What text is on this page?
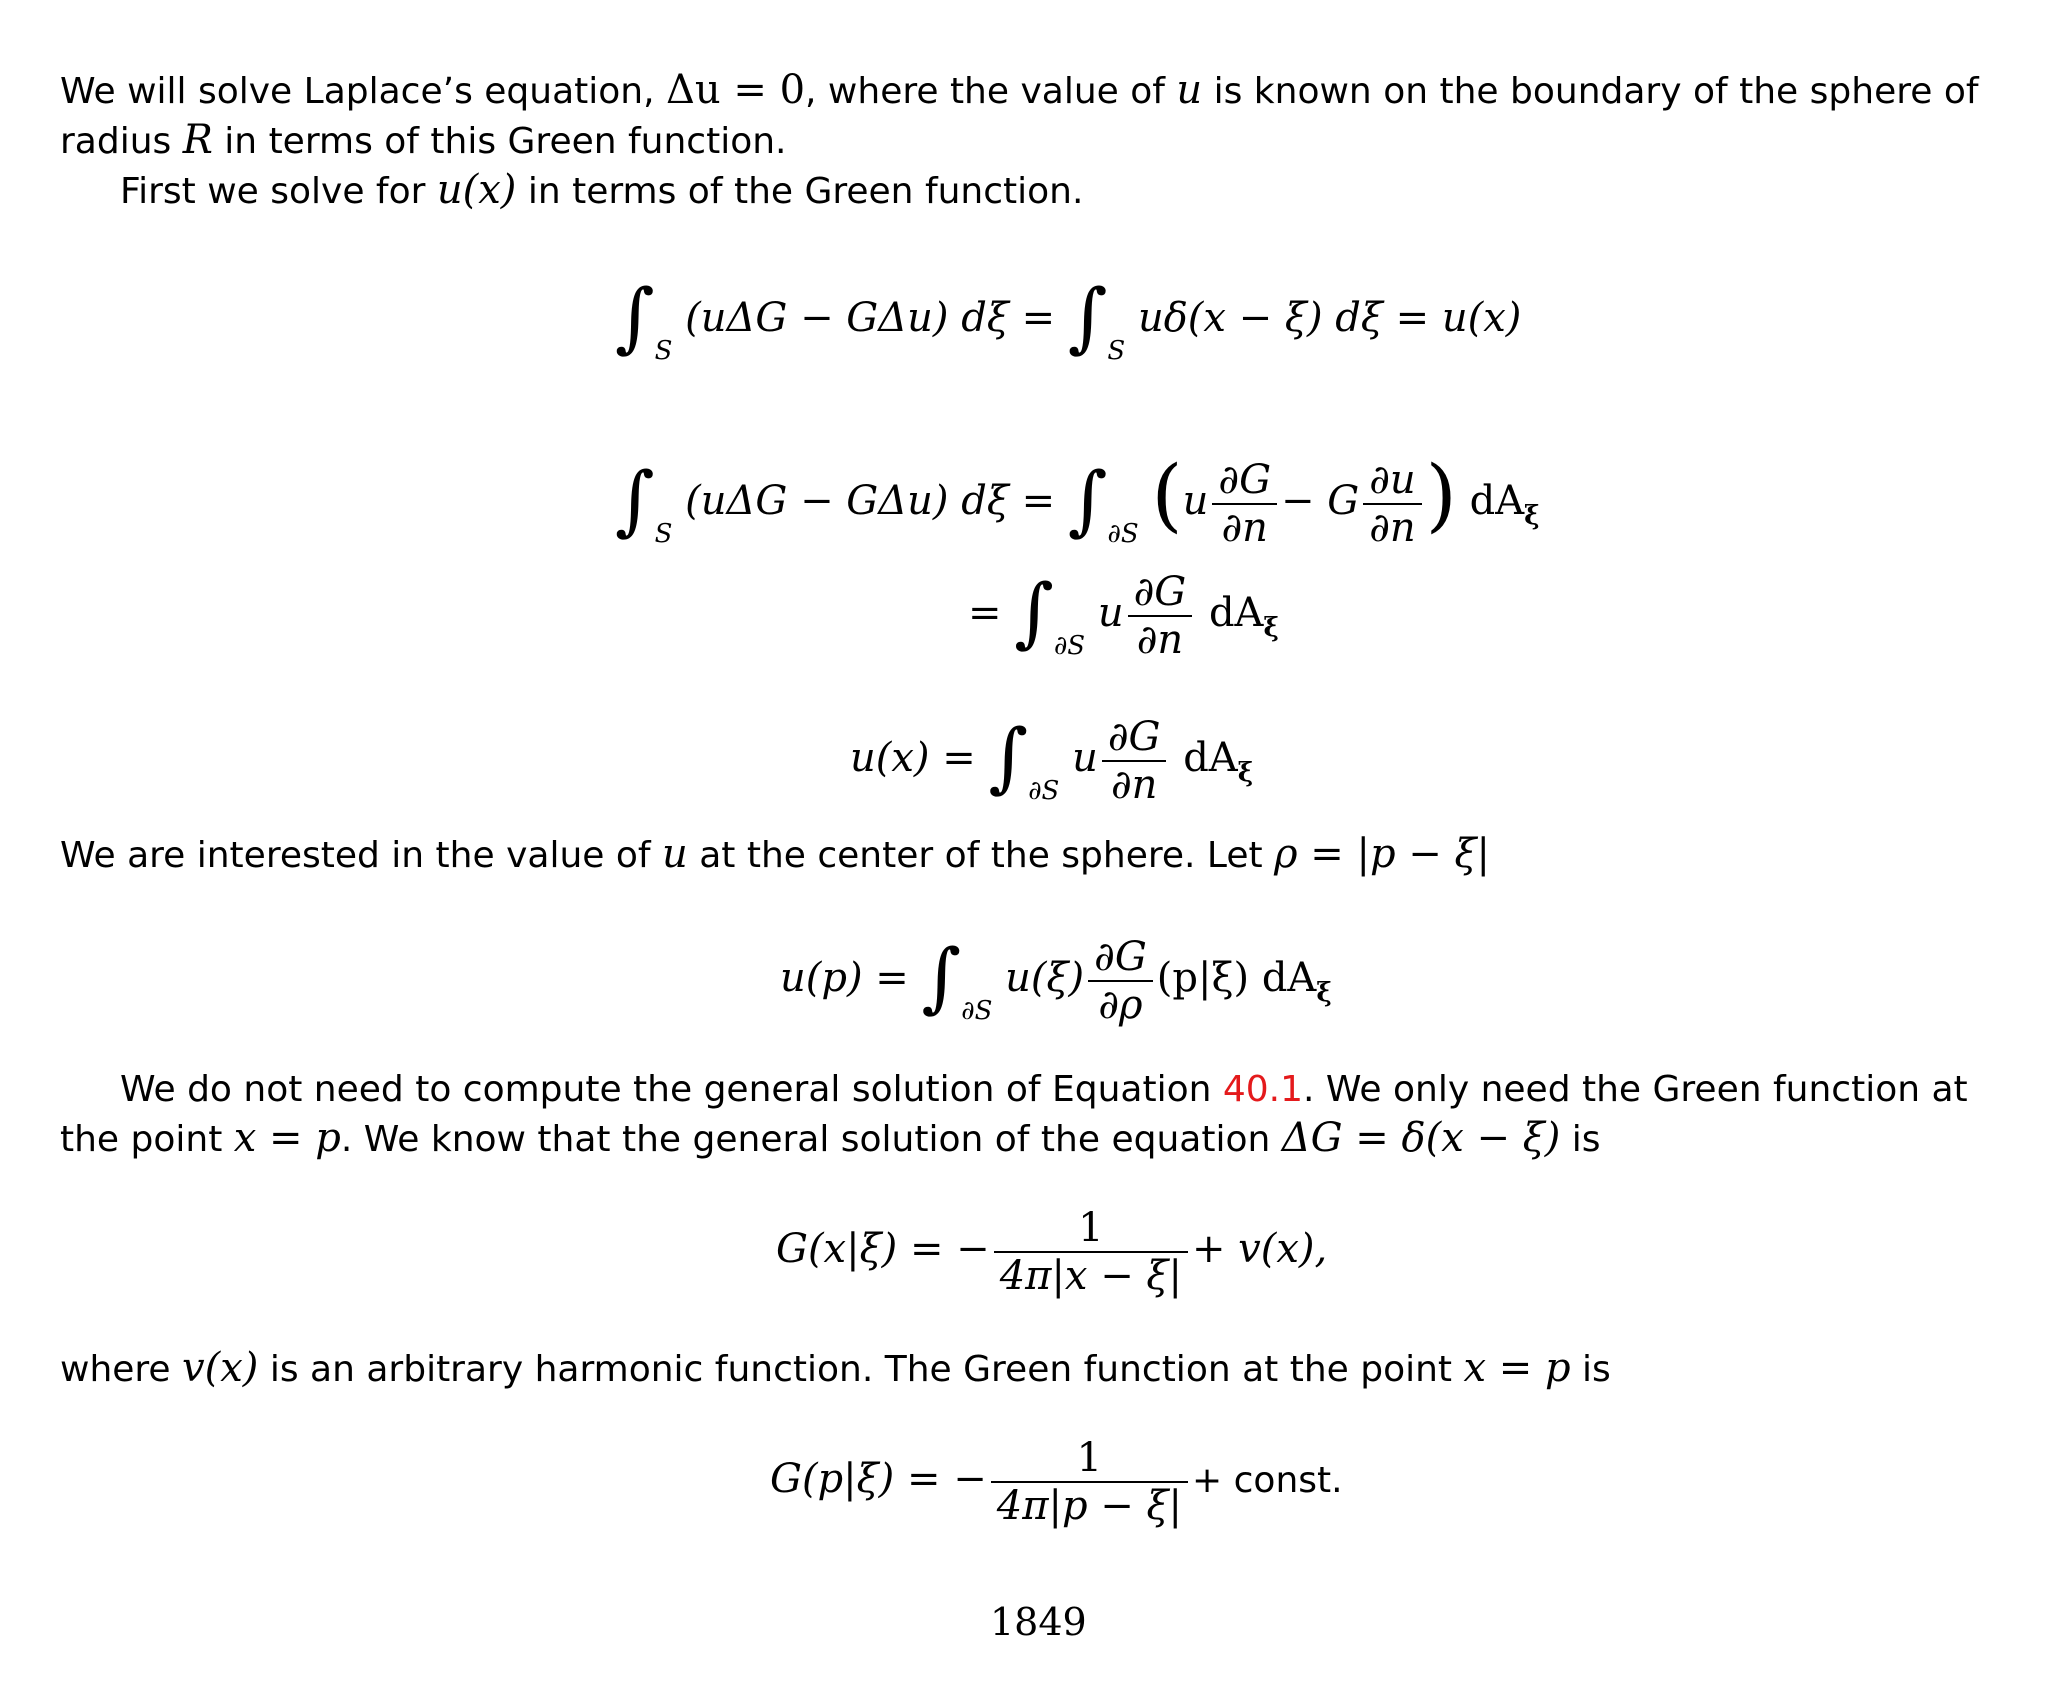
We will solve Laplace’s equation, Δu = 0, where the value of u is known on the boundary of the sphere of radius R in terms of this Green function.
First we solve for u(x) in terms of the Green function.
$\int_S$ (uΔG − GΔu) $d\xi = \int_S$ uδ(x − ξ) dξ = u(x)
$\int_S$ (uΔG − GΔu) $d\xi = \int_{\partial S}$ ($u \frac{\partial G}{\partial n} - G \frac{\partial u}{\partial n}$ ) $dA_\xi$
= $\int_{\partial S}$ u $\frac{\partial G}{\partial n} dA_\xi$
$u(x) = \int_{\partial S}$ u $\frac{\partial G}{\partial n} dA_\xi$
We are interested in the value of u at the center of the sphere. Let ρ = |p − ξ|
$u(p) = \int_{\partial S}$ $u(\xi) \frac{\partial G}{\partial\rho} (p|\xi)$ $dA_\xi$
We do not need to compute the general solution of Equation 40.1. We only need the Green function at the point x = p. We know that the general solution of the equation ΔG = δ(x − ξ) is
G(x|ξ) = − $\frac{1}{4\pi|x - \xi|} + v(x)$,
where v(x) is an arbitrary harmonic function. The Green function at the point x = p is
G(p|ξ) = − $\frac{1}{4\pi|p - \xi|}$ + const.
1849
